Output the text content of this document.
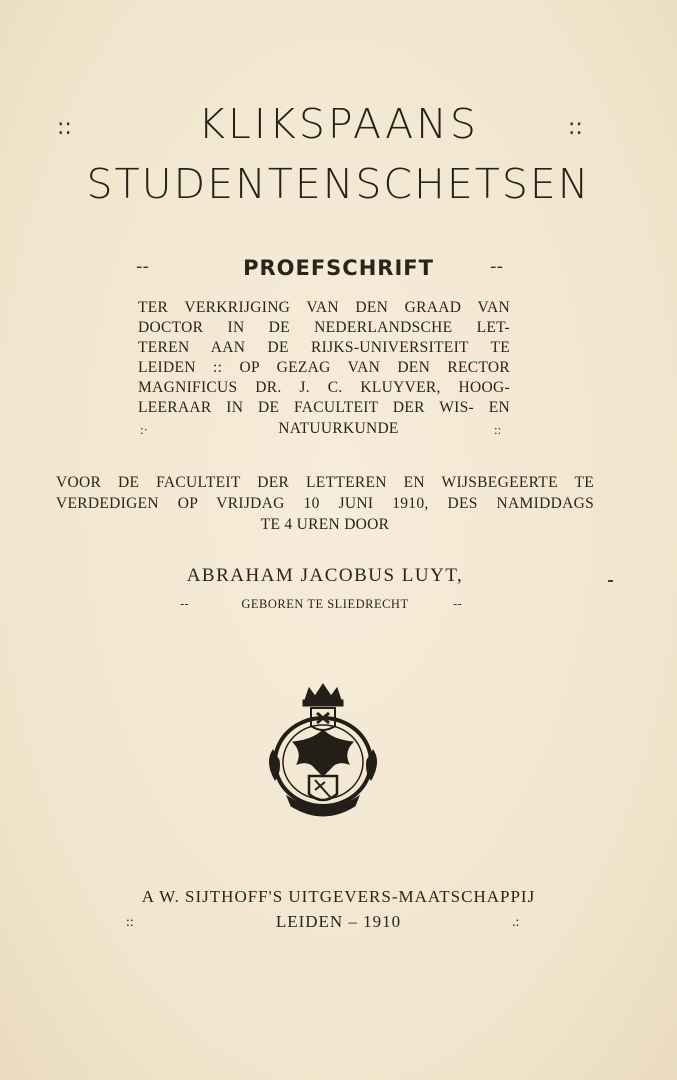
::	KLIKSPAANS	::
STUDENTENSCHETSEN
--	PROEFSCHRIFT	--
TER VERKRIJGING VAN DEN GRAAD VAN
DOCTOR IN DE NEDERLANDSCHE LET-
TEREN AAN DE RIJKS-UNIVERSITEIT TE
LEIDEN :: OP GEZAG VAN DEN RECTOR
MAGNIFICUS DR. J. C. KLUYVER, HOOG-
LEERAAR IN DE FACULTEIT DER WIS- EN
:·	NATUURKUNDE	::
VOOR DE FACULTEIT DER LETTEREN EN WIJSBEGEERTE TE
VERDEDIGEN OP VRIJDAG 10 JUNI 1910, DES NAMIDDAGS
TE 4 UREN DOOR
ABRAHAM JACOBUS LUYT,
--	GEBOREN TE SLIEDRECHT	--
A W. SIJTHOFF'S UITGEVERS-MAATSCHAPPIJ
::	LEIDEN – 1910	.:
